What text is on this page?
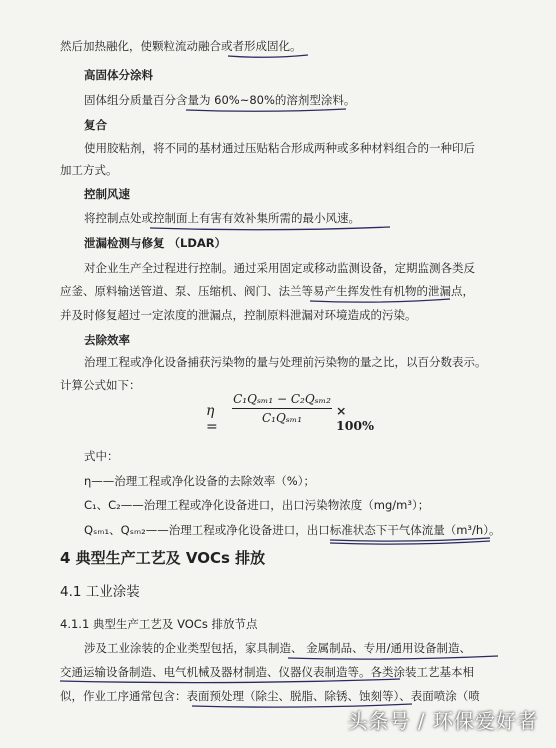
然后加热融化，使颗粒流动融合或者形成固化。
高固体分涂料
固体组分质量百分含量为 60%~80%的溶剂型涂料。
复合
使用胶粘剂，将不同的基材通过压贴粘合形成两种或多种材料组合的一种印后
加工方式。
控制风速
将控制点处或控制面上有害有效补集所需的最小风速。
泄漏检测与修复 （LDAR）
对企业生产全过程进行控制。通过采用固定或移动监测设备，定期监测各类反
应釜、原料输送管道、泵、压缩机、阀门、法兰等易产生挥发性有机物的泄漏点，
并及时修复超过一定浓度的泄漏点，控制原料泄漏对环境造成的污染。
去除效率
治理工程或净化设备捕获污染物的量与处理前污染物的量之比，以百分数表示。
计算公式如下：
η =
C₁Qₛₘ₁ − C₂Qₛₘ₂
C₁Qₛₘ₁	× 100%
式中：
η——治理工程或净化设备的去除效率（%）；
C₁、C₂——治理工程或净化设备进口，出口污染物浓度（mg/m³）；
Qₛₘ₁、Qₛₘ₂——治理工程或净化设备进口，出口标准状态下干气体流量（m³/h）。
4 典型生产工艺及 VOCs 排放
4.1 工业涂装
4.1.1 典型生产工艺及 VOCs 排放节点
涉及工业涂装的企业类型包括，家具制造、 金属制品、专用/通用设备制造、
交通运输设备制造、电气机械及器材制造、仪器仪表制造等。各类涂装工艺基本相
似，作业工序通常包含：表面预处理（除尘、脱脂、除锈、蚀刻等）、表面喷涂（喷
头条号 / 环保爱好者
